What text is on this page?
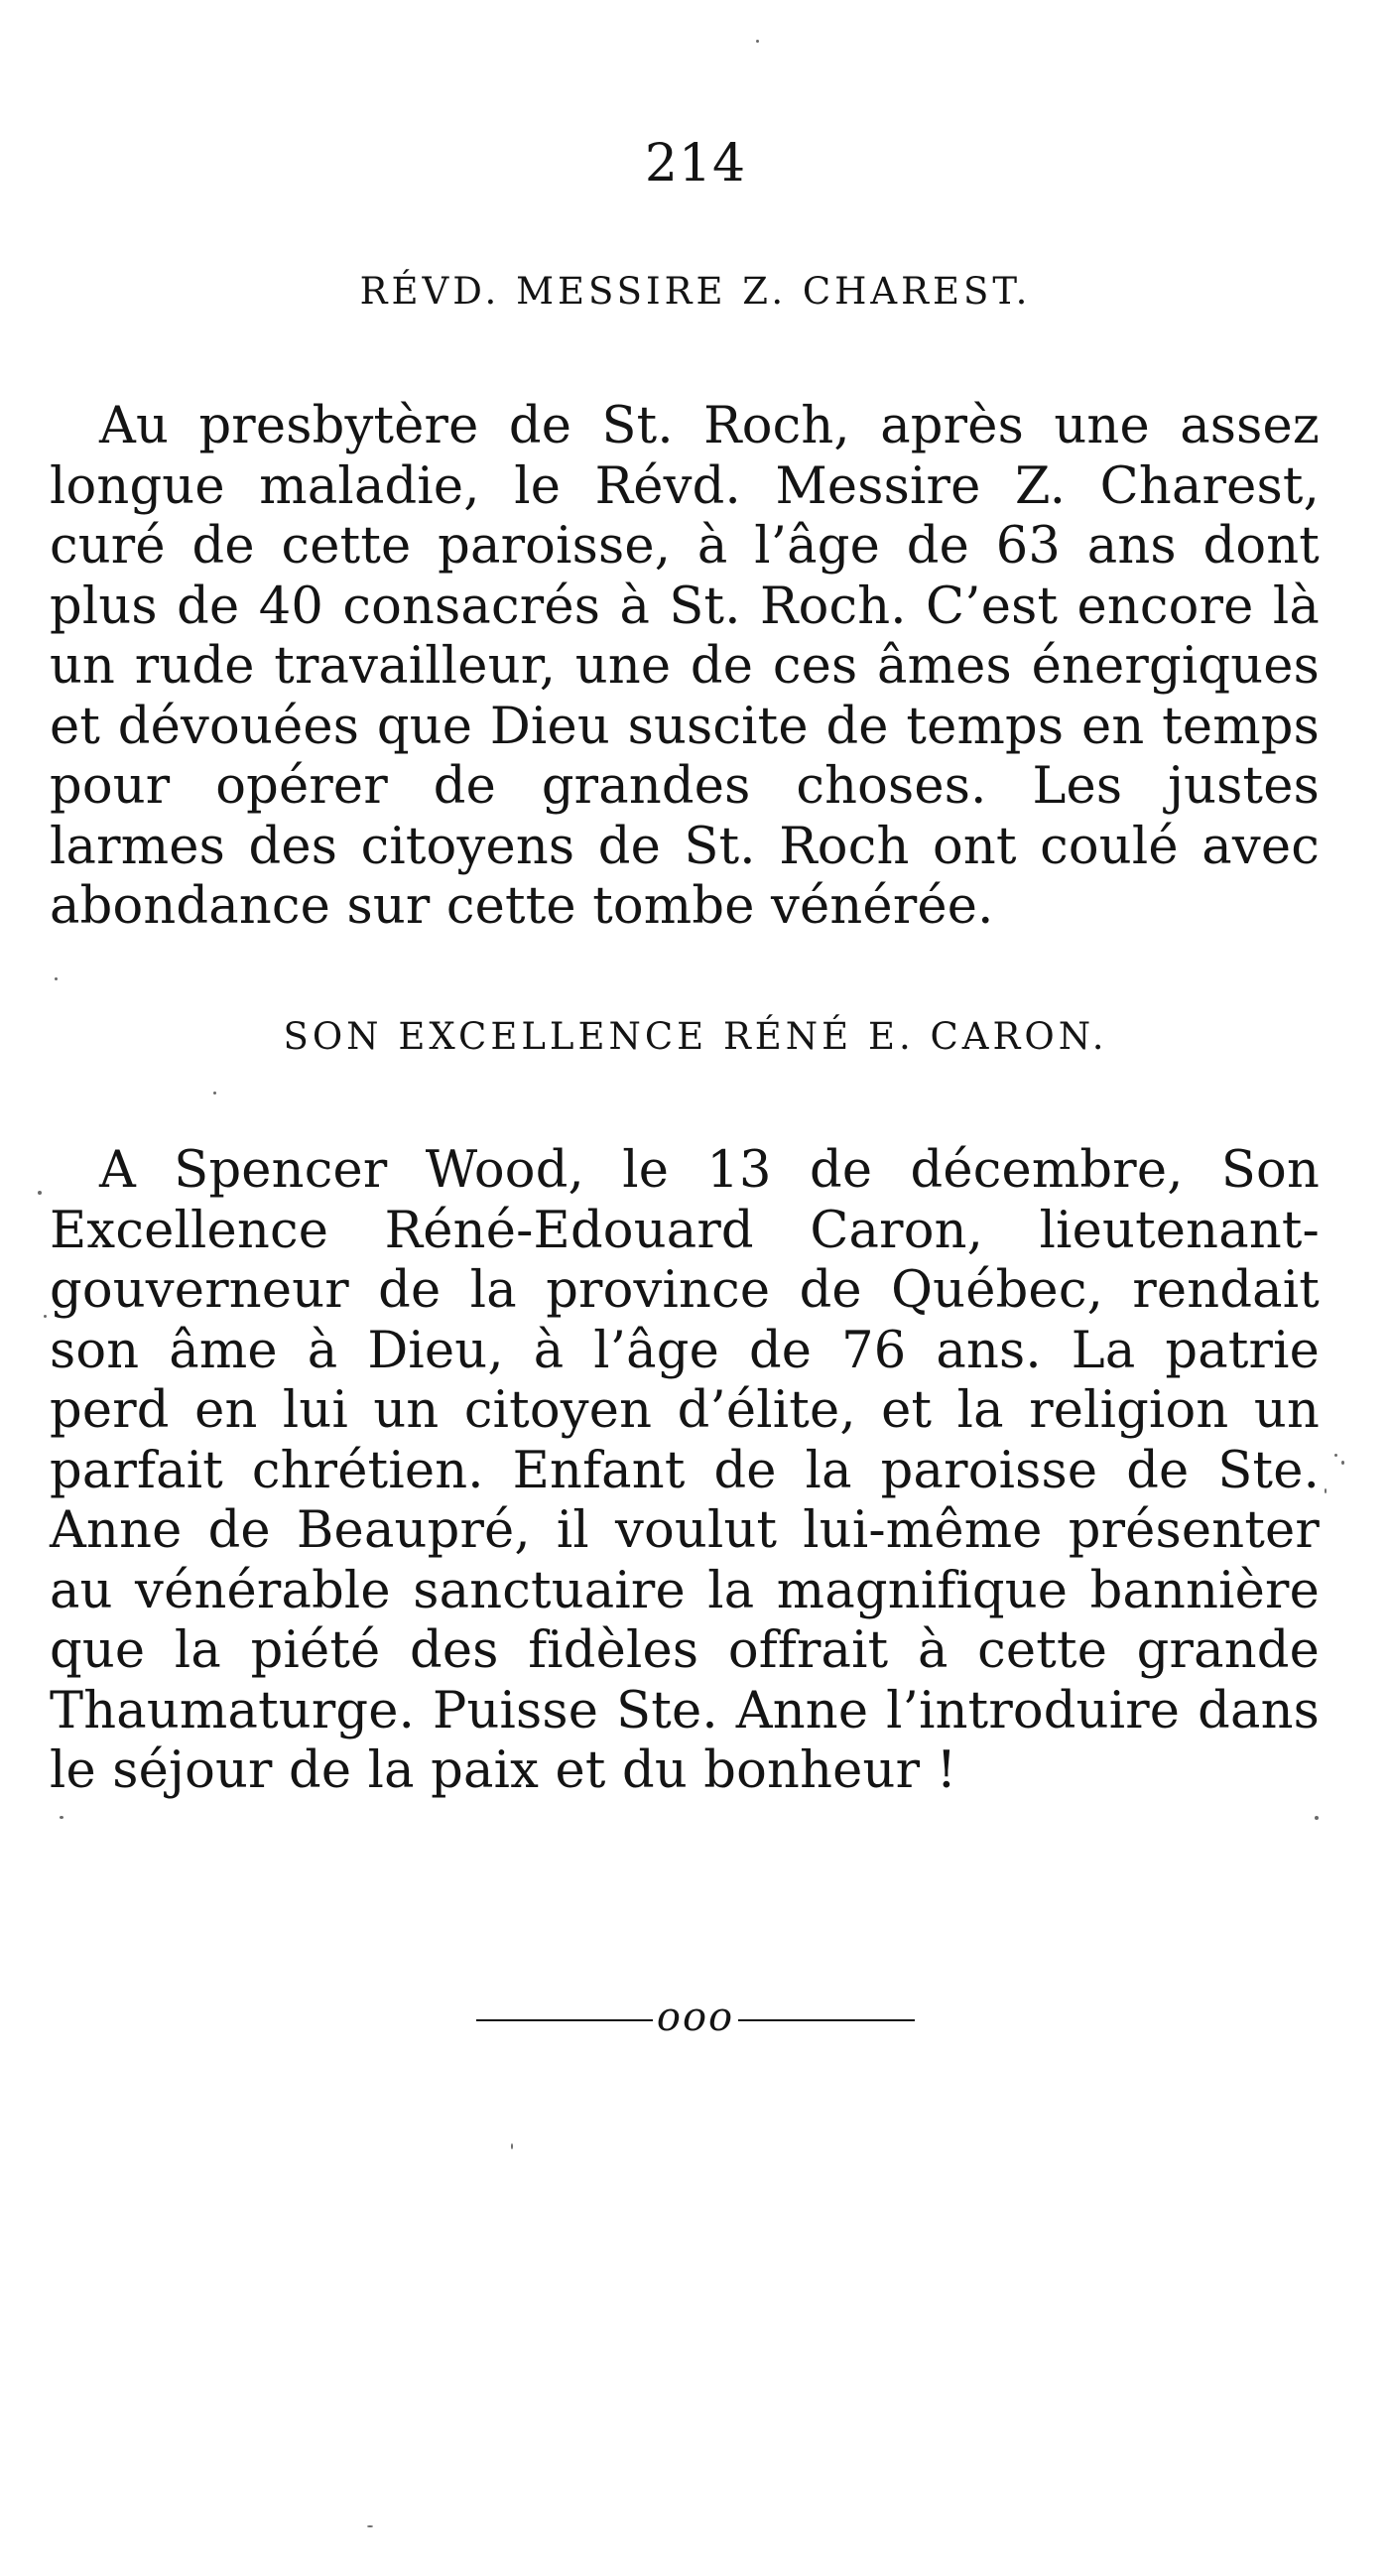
214
RÉVD. MESSIRE Z. CHAREST.

Au presbytère de St. Roch, après une assez longue maladie, le Révd. Messire Z. Charest, curé de cette paroisse, à l’âge de 63 ans dont plus de 40 consacrés à St. Roch. C’est encore là un rude travailleur, une de ces âmes énergiques et dévouées que Dieu suscite de temps en temps pour opérer de grandes choses. Les justes larmes des citoyens de St. Roch ont coulé avec abondance sur cette tombe vénérée.

SON EXCELLENCE RÉNÉ E. CARON.

A Spencer Wood, le 13 de décembre, Son Excellence Réné-Edouard Caron, lieutenant-gouverneur de la province de Québec, rendait son âme à Dieu, à l’âge de 76 ans. La patrie perd en lui un citoyen d’élite, et la religion un parfait chrétien. Enfant de la paroisse de Ste. Anne de Beaupré, il voulut lui-même présenter au vénérable sanctuaire la magnifique bannière que la piété des fidèles offrait à cette grande Thaumaturge. Puisse Ste. Anne l’introduire dans le séjour de la paix et du bonheur !

ooo
